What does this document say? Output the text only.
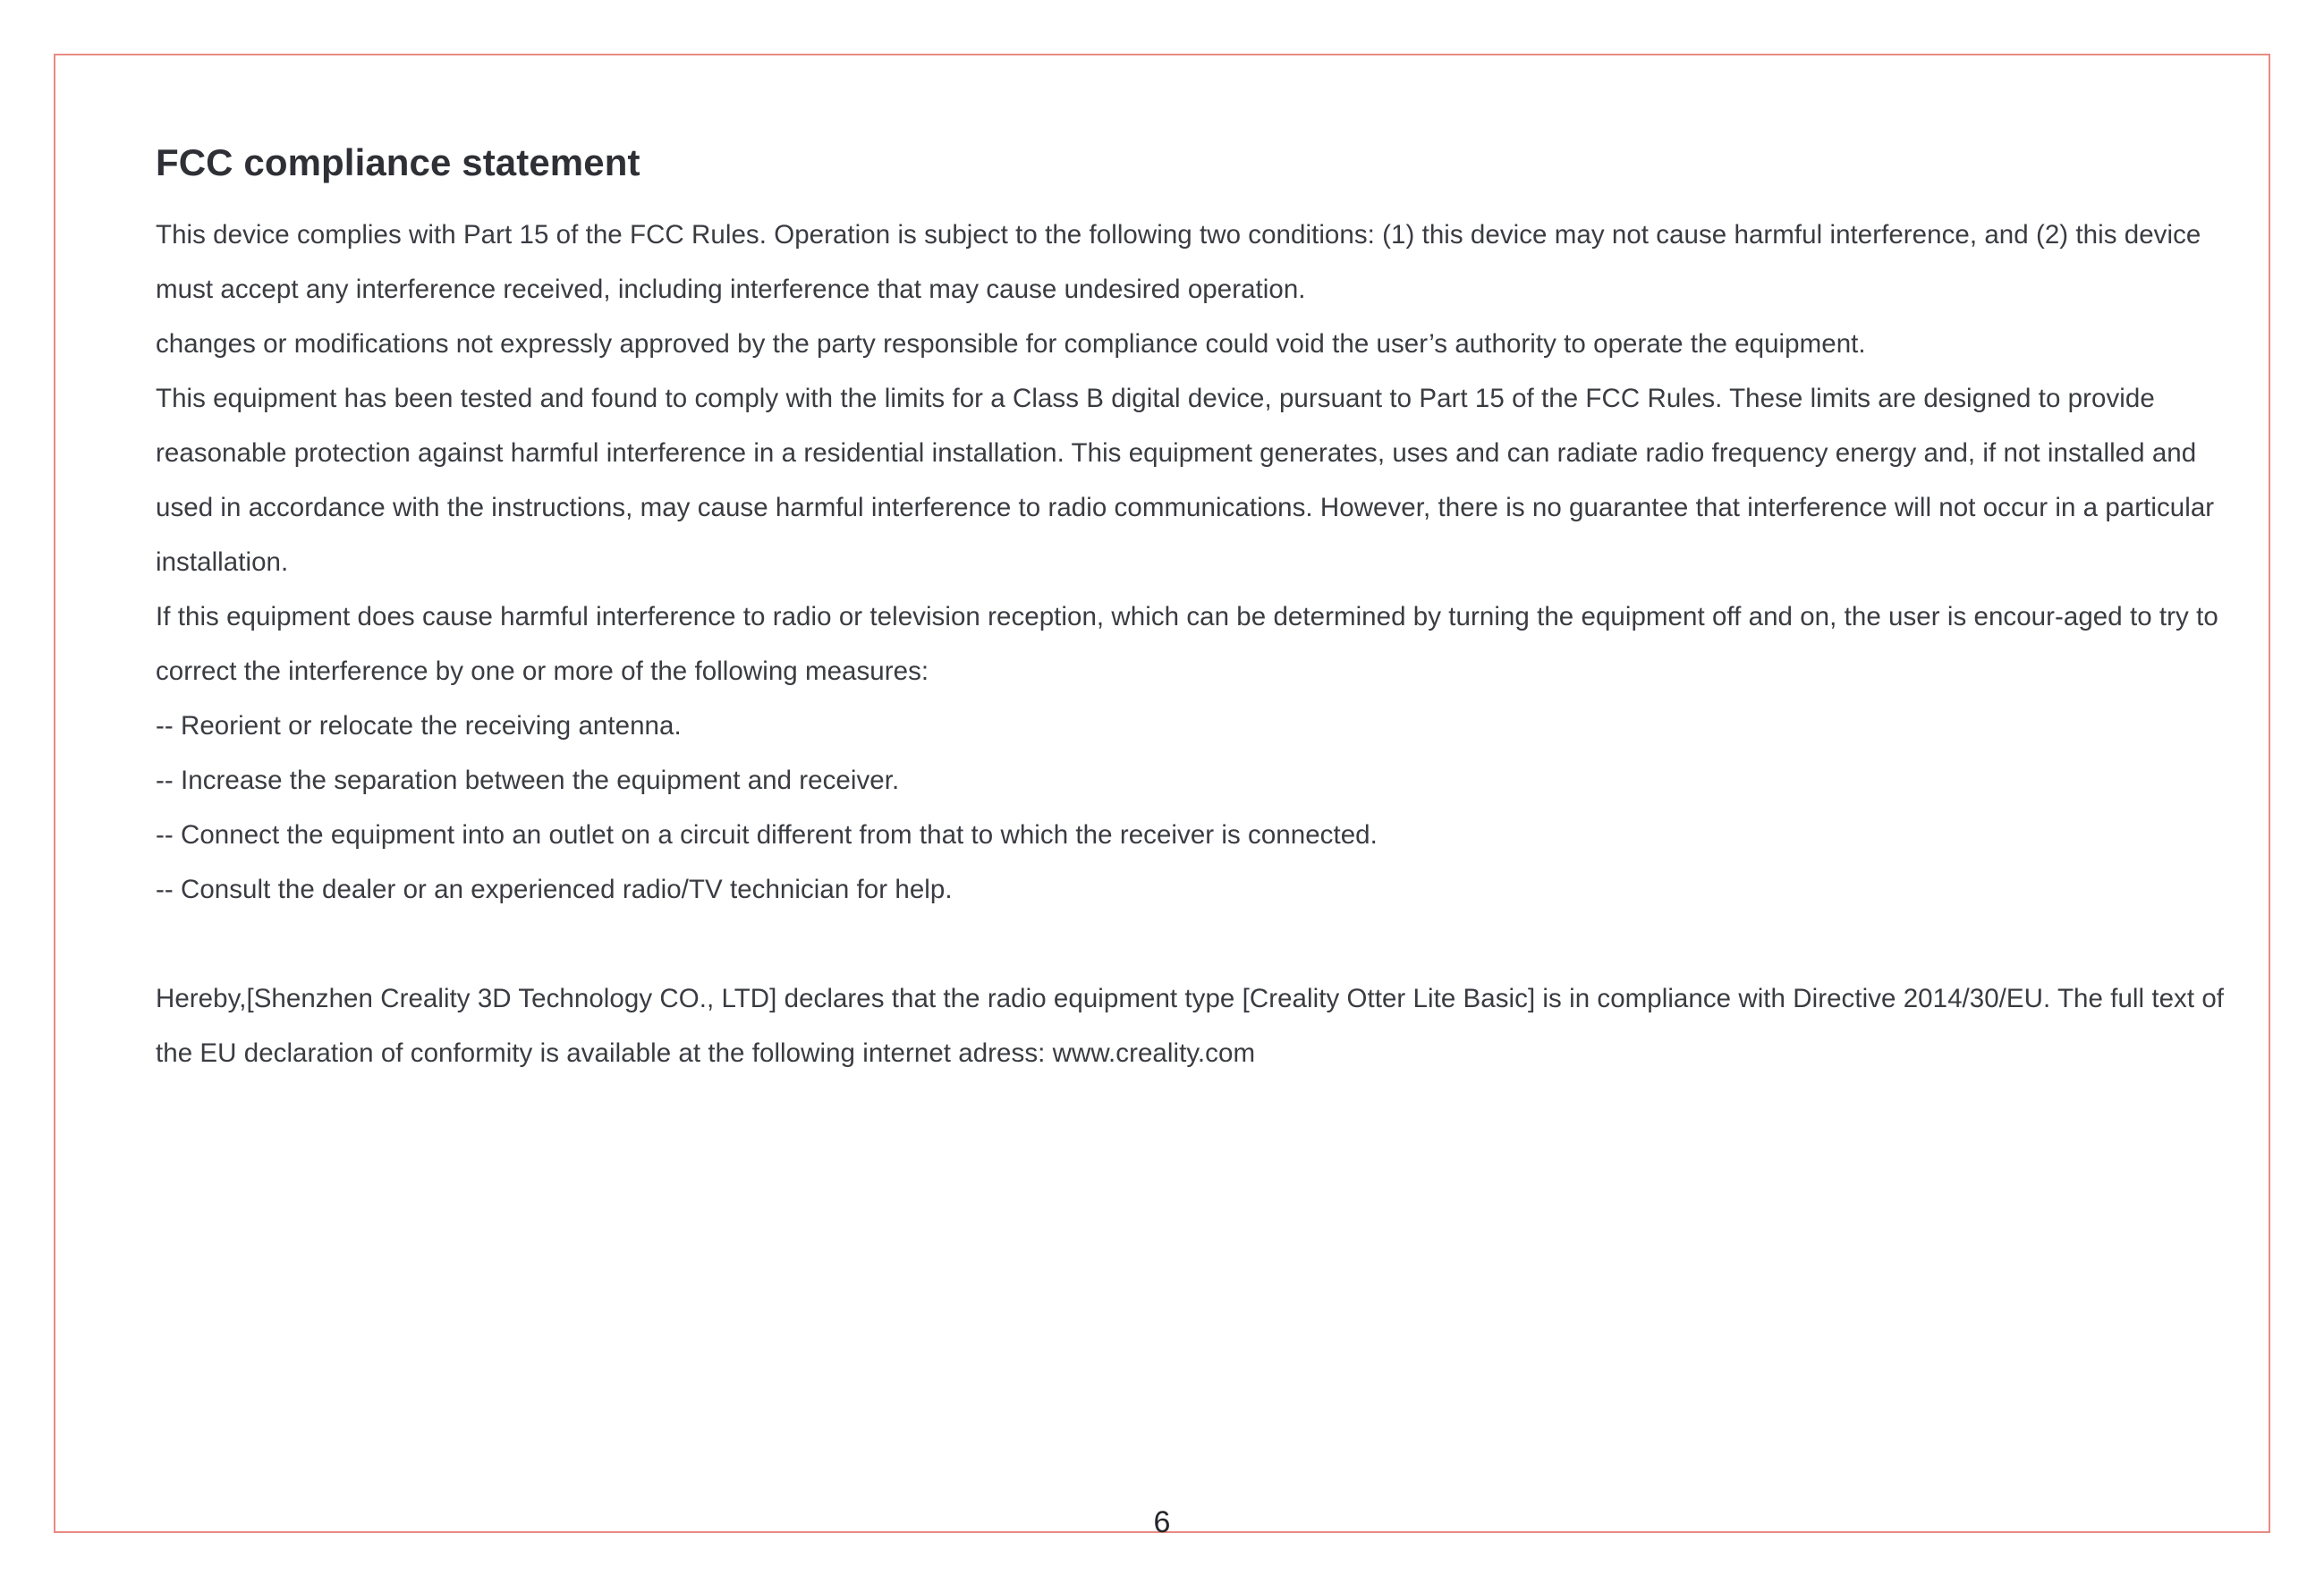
FCC compliance statement

This device complies with Part 15 of the FCC Rules. Operation is subject to the following two conditions: (1) this device may not cause harmful interference, and (2) this device must accept any interference received, including interference that may cause undesired operation.

changes or modifications not expressly approved by the party responsible for compliance could void the user’s authority to operate the equipment.

This equipment has been tested and found to comply with the limits for a Class B digital device, pursuant to Part 15 of the FCC Rules. These limits are designed to provide reasonable protection against harmful interference in a residential installation. This equipment generates, uses and can radiate radio frequency energy and, if not installed and used in accordance with the instructions, may cause harmful interference to radio communications. However, there is no guarantee that interference will not occur in a particular installation.

If this equipment does cause harmful interference to radio or television reception, which can be determined by turning the equipment off and on, the user is encour-aged to try to correct the interference by one or more of the following measures:

-- Reorient or relocate the receiving antenna.

-- Increase the separation between the equipment and receiver.

-- Connect the equipment into an outlet on a circuit different from that to which the receiver is connected.

-- Consult the dealer or an experienced radio/TV technician for help.

Hereby,[Shenzhen Creality 3D Technology CO., LTD] declares that the radio equipment type [Creality Otter Lite Basic] is in compliance with Directive 2014/30/EU. The full text of the EU declaration of conformity is available at the following internet adress: www.creality.com

6
